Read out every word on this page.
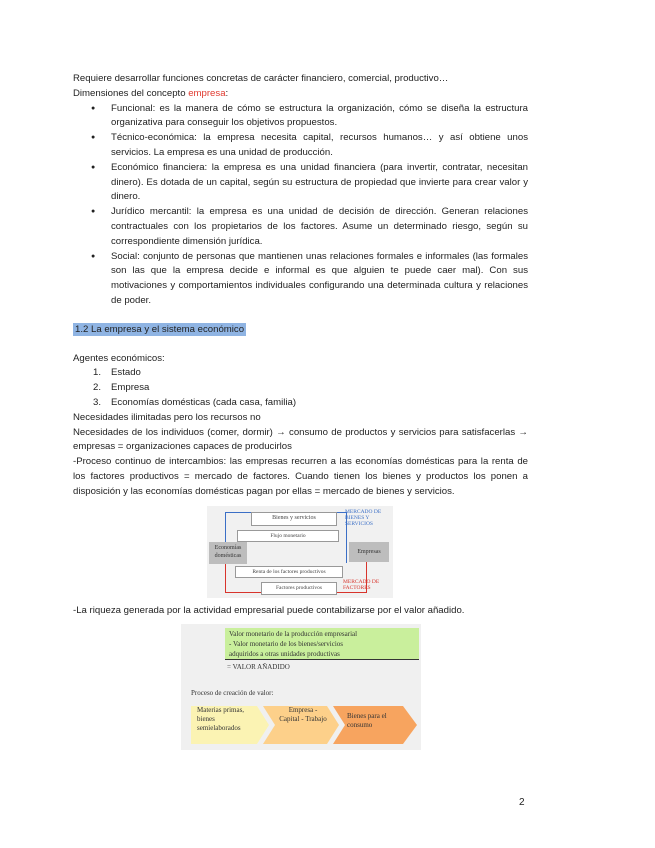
Requiere desarrollar funciones concretas de carácter financiero, comercial, productivo…

Dimensiones del concepto empresa:

● Funcional: es la manera de cómo se estructura la organización, cómo se diseña la estructura organizativa para conseguir los objetivos propuestos.
● Técnico-económica: la empresa necesita capital, recursos humanos… y así obtiene unos servicios. La empresa es una unidad de producción.
● Económico financiera: la empresa es una unidad financiera (para invertir, contratar, necesitan dinero). Es dotada de un capital, según su estructura de propiedad que invierte para crear valor y dinero.
● Jurídico mercantil: la empresa es una unidad de decisión de dirección. Generan relaciones contractuales con los propietarios de los factores. Asume un determinado riesgo, según su correspondiente dimensión jurídica.
● Social: conjunto de personas que mantienen unas relaciones formales e informales (las formales son las que la empresa decide e informal es que alguien te puede caer mal). Con sus motivaciones y comportamientos individuales configurando una determinada cultura y relaciones de poder.

1.2 La empresa y el sistema económico

Agentes económicos:

1. Estado
2. Empresa
3. Economías domésticas (cada casa, familia)

Necesidades ilimitadas pero los recursos no

Necesidades de los individuos (comer, dormir) → consumo de productos y servicios para satisfacerlas → empresas = organizaciones capaces de producirlos

-Proceso continuo de intercambios: las empresas recurren a las economías domésticas para la renta de los factores productivos = mercado de factores. Cuando tienen los bienes y productos los ponen a disposición y las economías domésticas pagan por ellas = mercado de bienes y servicios.

Bienes y servicios
MERCADO DE BIENES Y SERVICIOS
Flujo monetario
Economías domésticas
Empresas
Renta de los factores productivos
Factores productivos
MERCADO DE FACTORES

-La riqueza generada por la actividad empresarial puede contabilizarse por el valor añadido.

Valor monetario de la producción empresarial
- Valor monetario de los bienes/servicios
adquiridos a otras unidades productivas
= VALOR AÑADIDO
Proceso de creación de valor:
Materias primas, bienes semielaborados
Empresa - Capital - Trabajo	Bienes para el consumo
2
